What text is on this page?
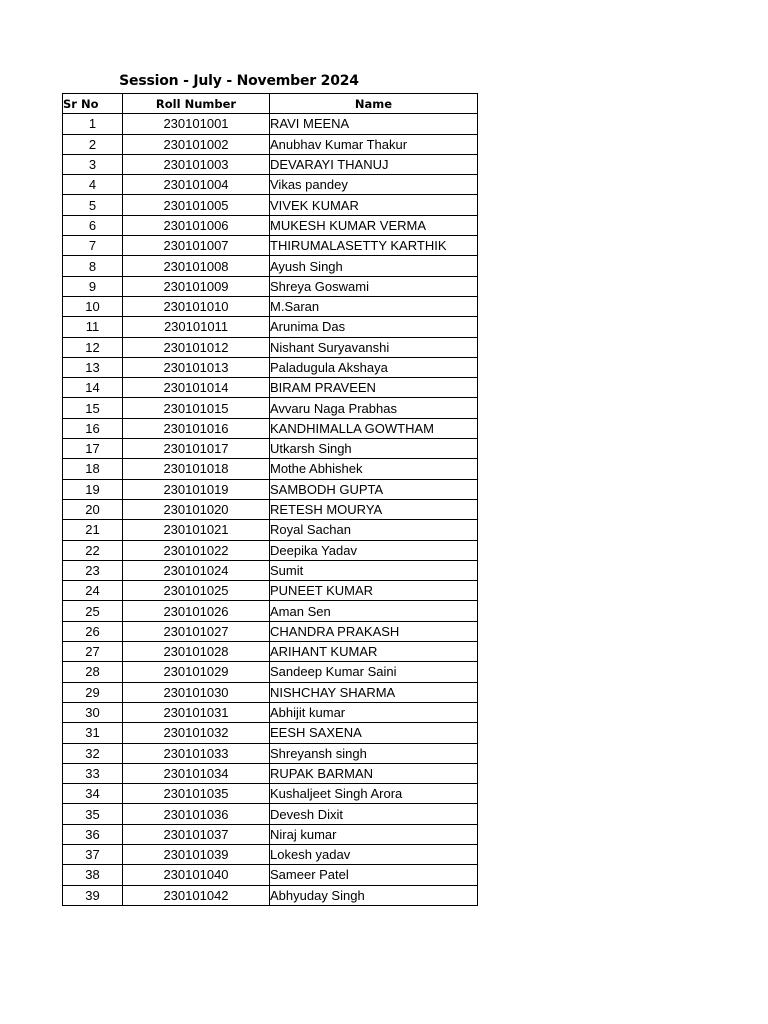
Session - July - November 2024
Sr No	Roll Number	Name
1	230101001	RAVI MEENA
2	230101002	Anubhav Kumar Thakur
3	230101003	DEVARAYI THANUJ
4	230101004	Vikas pandey
5	230101005	VIVEK KUMAR
6	230101006	MUKESH KUMAR VERMA
7	230101007	THIRUMALASETTY KARTHIK
8	230101008	Ayush Singh
9	230101009	Shreya Goswami
10	230101010	M.Saran
11	230101011	Arunima Das
12	230101012	Nishant Suryavanshi
13	230101013	Paladugula Akshaya
14	230101014	BIRAM PRAVEEN
15	230101015	Avvaru Naga Prabhas
16	230101016	KANDHIMALLA GOWTHAM
17	230101017	Utkarsh Singh
18	230101018	Mothe Abhishek
19	230101019	SAMBODH GUPTA
20	230101020	RETESH MOURYA
21	230101021	Royal Sachan
22	230101022	Deepika Yadav
23	230101024	Sumit
24	230101025	PUNEET KUMAR
25	230101026	Aman Sen
26	230101027	CHANDRA PRAKASH
27	230101028	ARIHANT KUMAR
28	230101029	Sandeep Kumar Saini
29	230101030	NISHCHAY SHARMA
30	230101031	Abhijit kumar
31	230101032	EESH SAXENA
32	230101033	Shreyansh singh
33	230101034	RUPAK BARMAN
34	230101035	Kushaljeet Singh Arora
35	230101036	Devesh Dixit
36	230101037	Niraj kumar
37	230101039	Lokesh yadav
38	230101040	Sameer Patel
39	230101042	Abhyuday Singh
